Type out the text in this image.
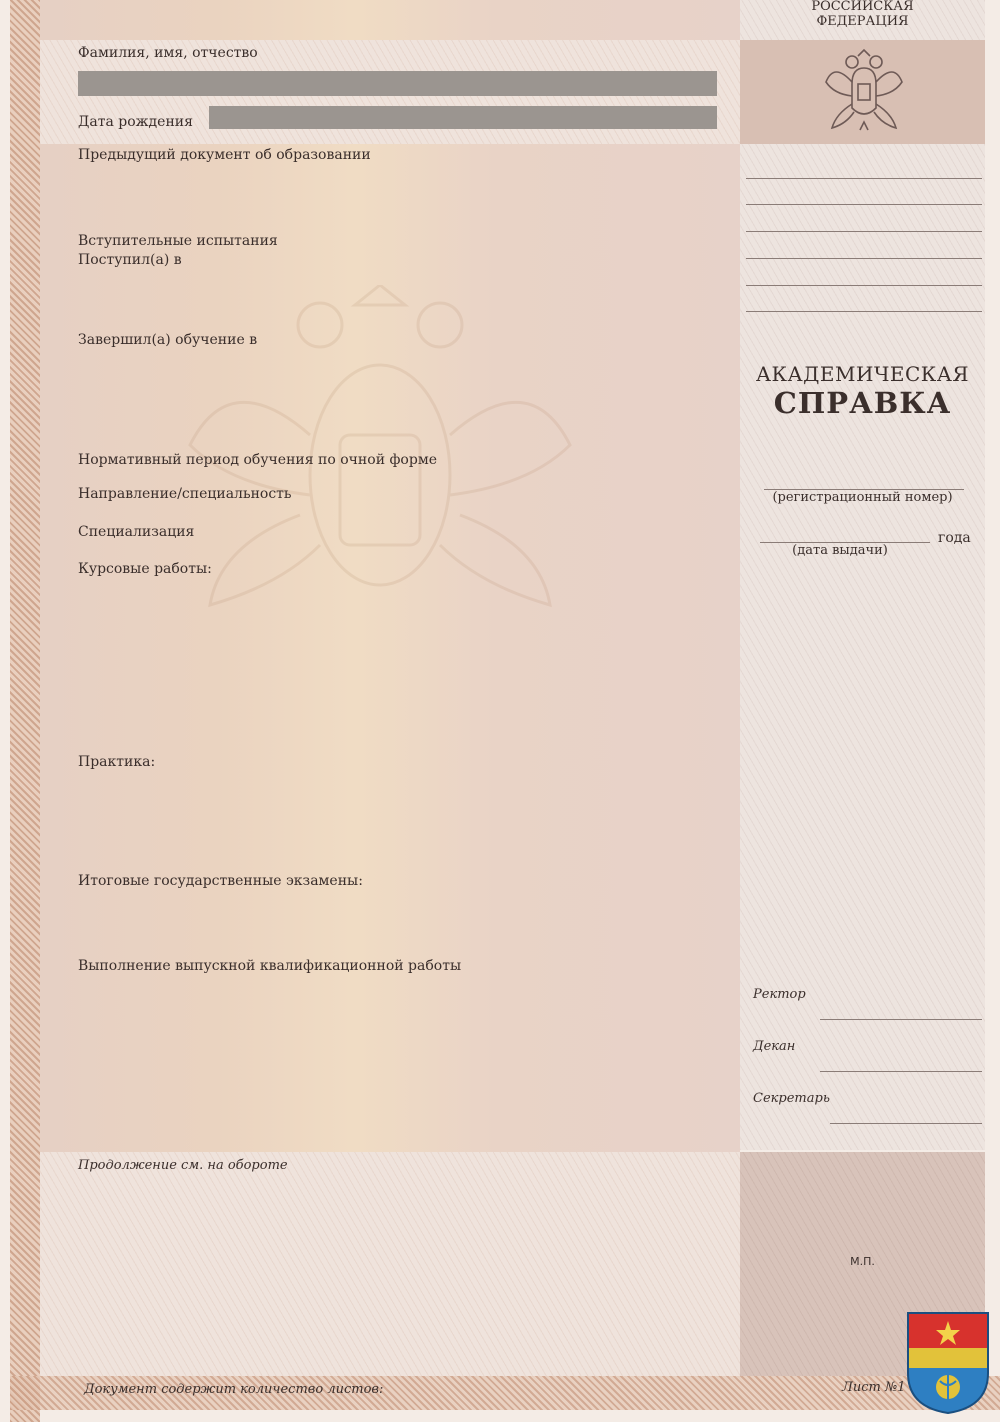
РОССИЙСКАЯ
ФЕДЕРАЦИЯ
Фамилия, имя, отчество
Дата рождения
Предыдущий документ об образовании
Вступительные испытания
Поступил(а) в
Завершил(а) обучение в
Нормативный период обучения по очной форме
Направление/специальность
Специализация
Курсовые работы:
Практика:
Итоговые государственные экзамены:
Выполнение выпускной квалификационной работы
Продолжение см. на обороте
Документ содержит количество листов:	Лист №1
АКАДЕМИЧЕСКАЯ
СПРАВКА
(регистрационный номер)
года
(дата выдачи)
Ректор
Декан
Секретарь
М.П.
